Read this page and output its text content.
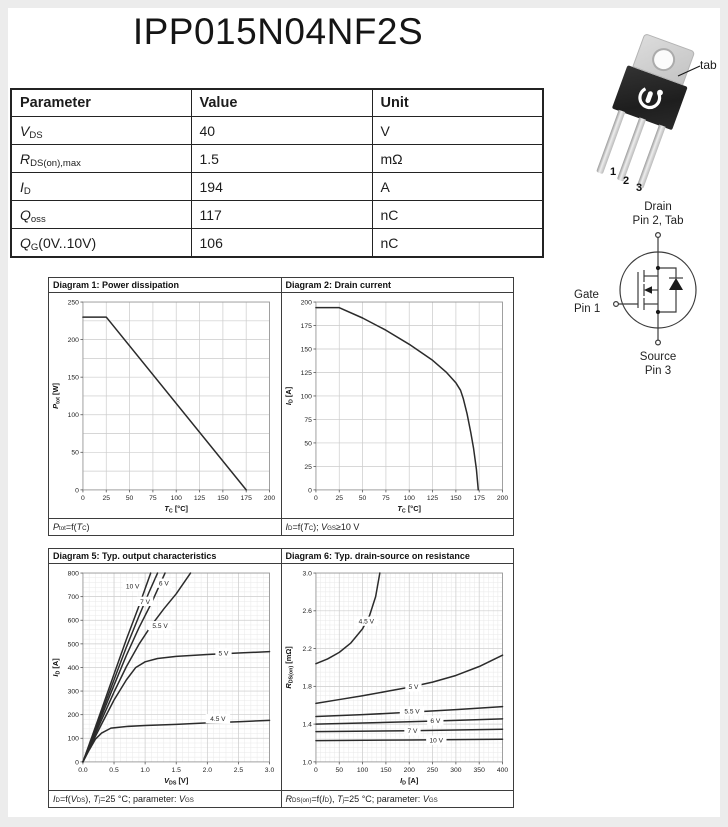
IPP015N04NF2S
Parameter	Value	Unit
VDS	40	V
RDS(on),max	1.5	mΩ
ID	194	A
Qoss	117	nC
QG(0V..10V)	106	nC
tab
1
2
3
Drain
Pin 2, Tab
Gate
Pin 1
Source
Pin 3
Diagram 1: Power dissipation
0	25 50 75 100 125 150 175 200
0
50
100
150
200
250
$T_C$ [°C]
$P_{tot}$ [W]
P tot =f( T C )
Diagram 2: Drain current
0	25 50 75 100 125 150 175 200
0
25
50
75
100
125
150
175
200
$T_C$ [°C]
$I_D$ [A]
I D =f( T C ); V GS ≥10 V
Diagram 5: Typ. output characteristics
0.0	0.5	1.0	1.5	2.0	2.5	3.0
0
100
200
300
400
500
600
700
800
10 V	6 V
7 V
5.5 V
5 V
4.5 V
$V_{DS}$ [V]
$I_D$ [A]
I D =f( V DS ), T j =25 °C; parameter: V GS
Diagram 6: Typ. drain-source on resistance
0	50 100 150 200 250 300 350 400
1.0
1.4
1.8
2.2
2.6
3.0
4.5 V
5 V
5.5 V
6 V
7 V
10 V
$I_D$ [A]
$R_{DS(on)}$ [mΩ]
R DS(on) =f( I D ), T j =25 °C; parameter: V GS
